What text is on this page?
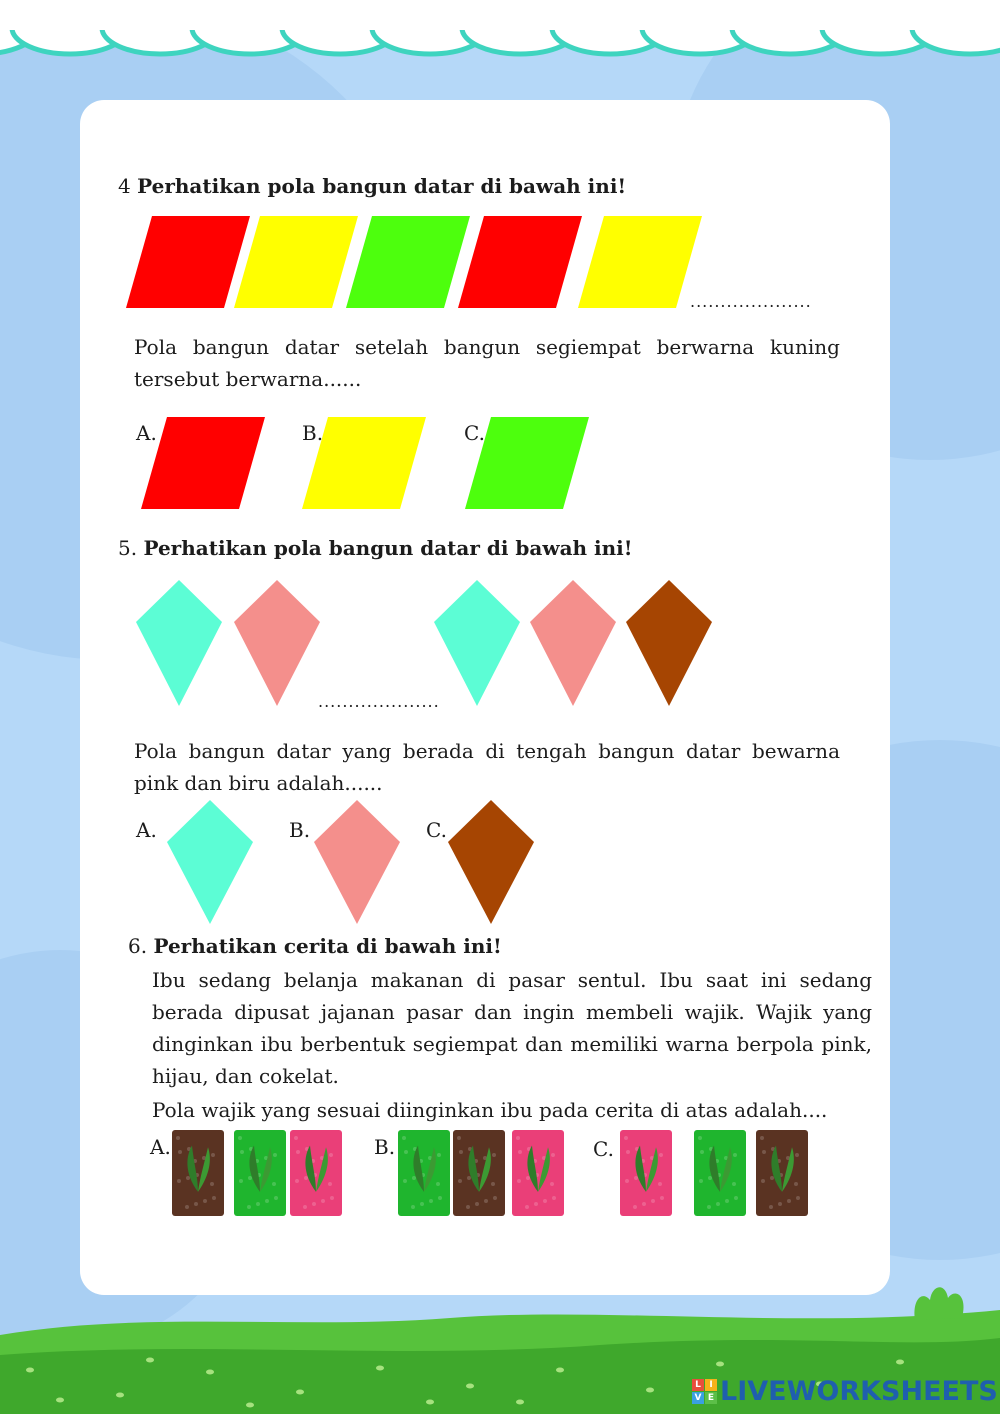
4 Perhatikan pola bangun datar di bawah ini!
....................
Pola bangun datar setelah bangun segiempat berwarna kuning tersebut berwarna......
A.	B.	C.
5. Perhatikan pola bangun datar di bawah ini!
....................
Pola bangun datar yang berada di tengah bangun datar bewarna pink dan biru adalah......
A.	B.	C.
6. Perhatikan cerita di bawah ini!
Ibu sedang belanja makanan di pasar sentul. Ibu saat ini sedang berada dipusat jajanan pasar dan ingin membeli wajik. Wajik yang dinginkan ibu berbentuk segiempat dan memiliki warna berpola pink, hijau, dan cokelat.
Pola wajik yang sesuai diinginkan ibu pada cerita di atas adalah....
A.	B.	C.
L I
V E LIVEWORKSHEETS
